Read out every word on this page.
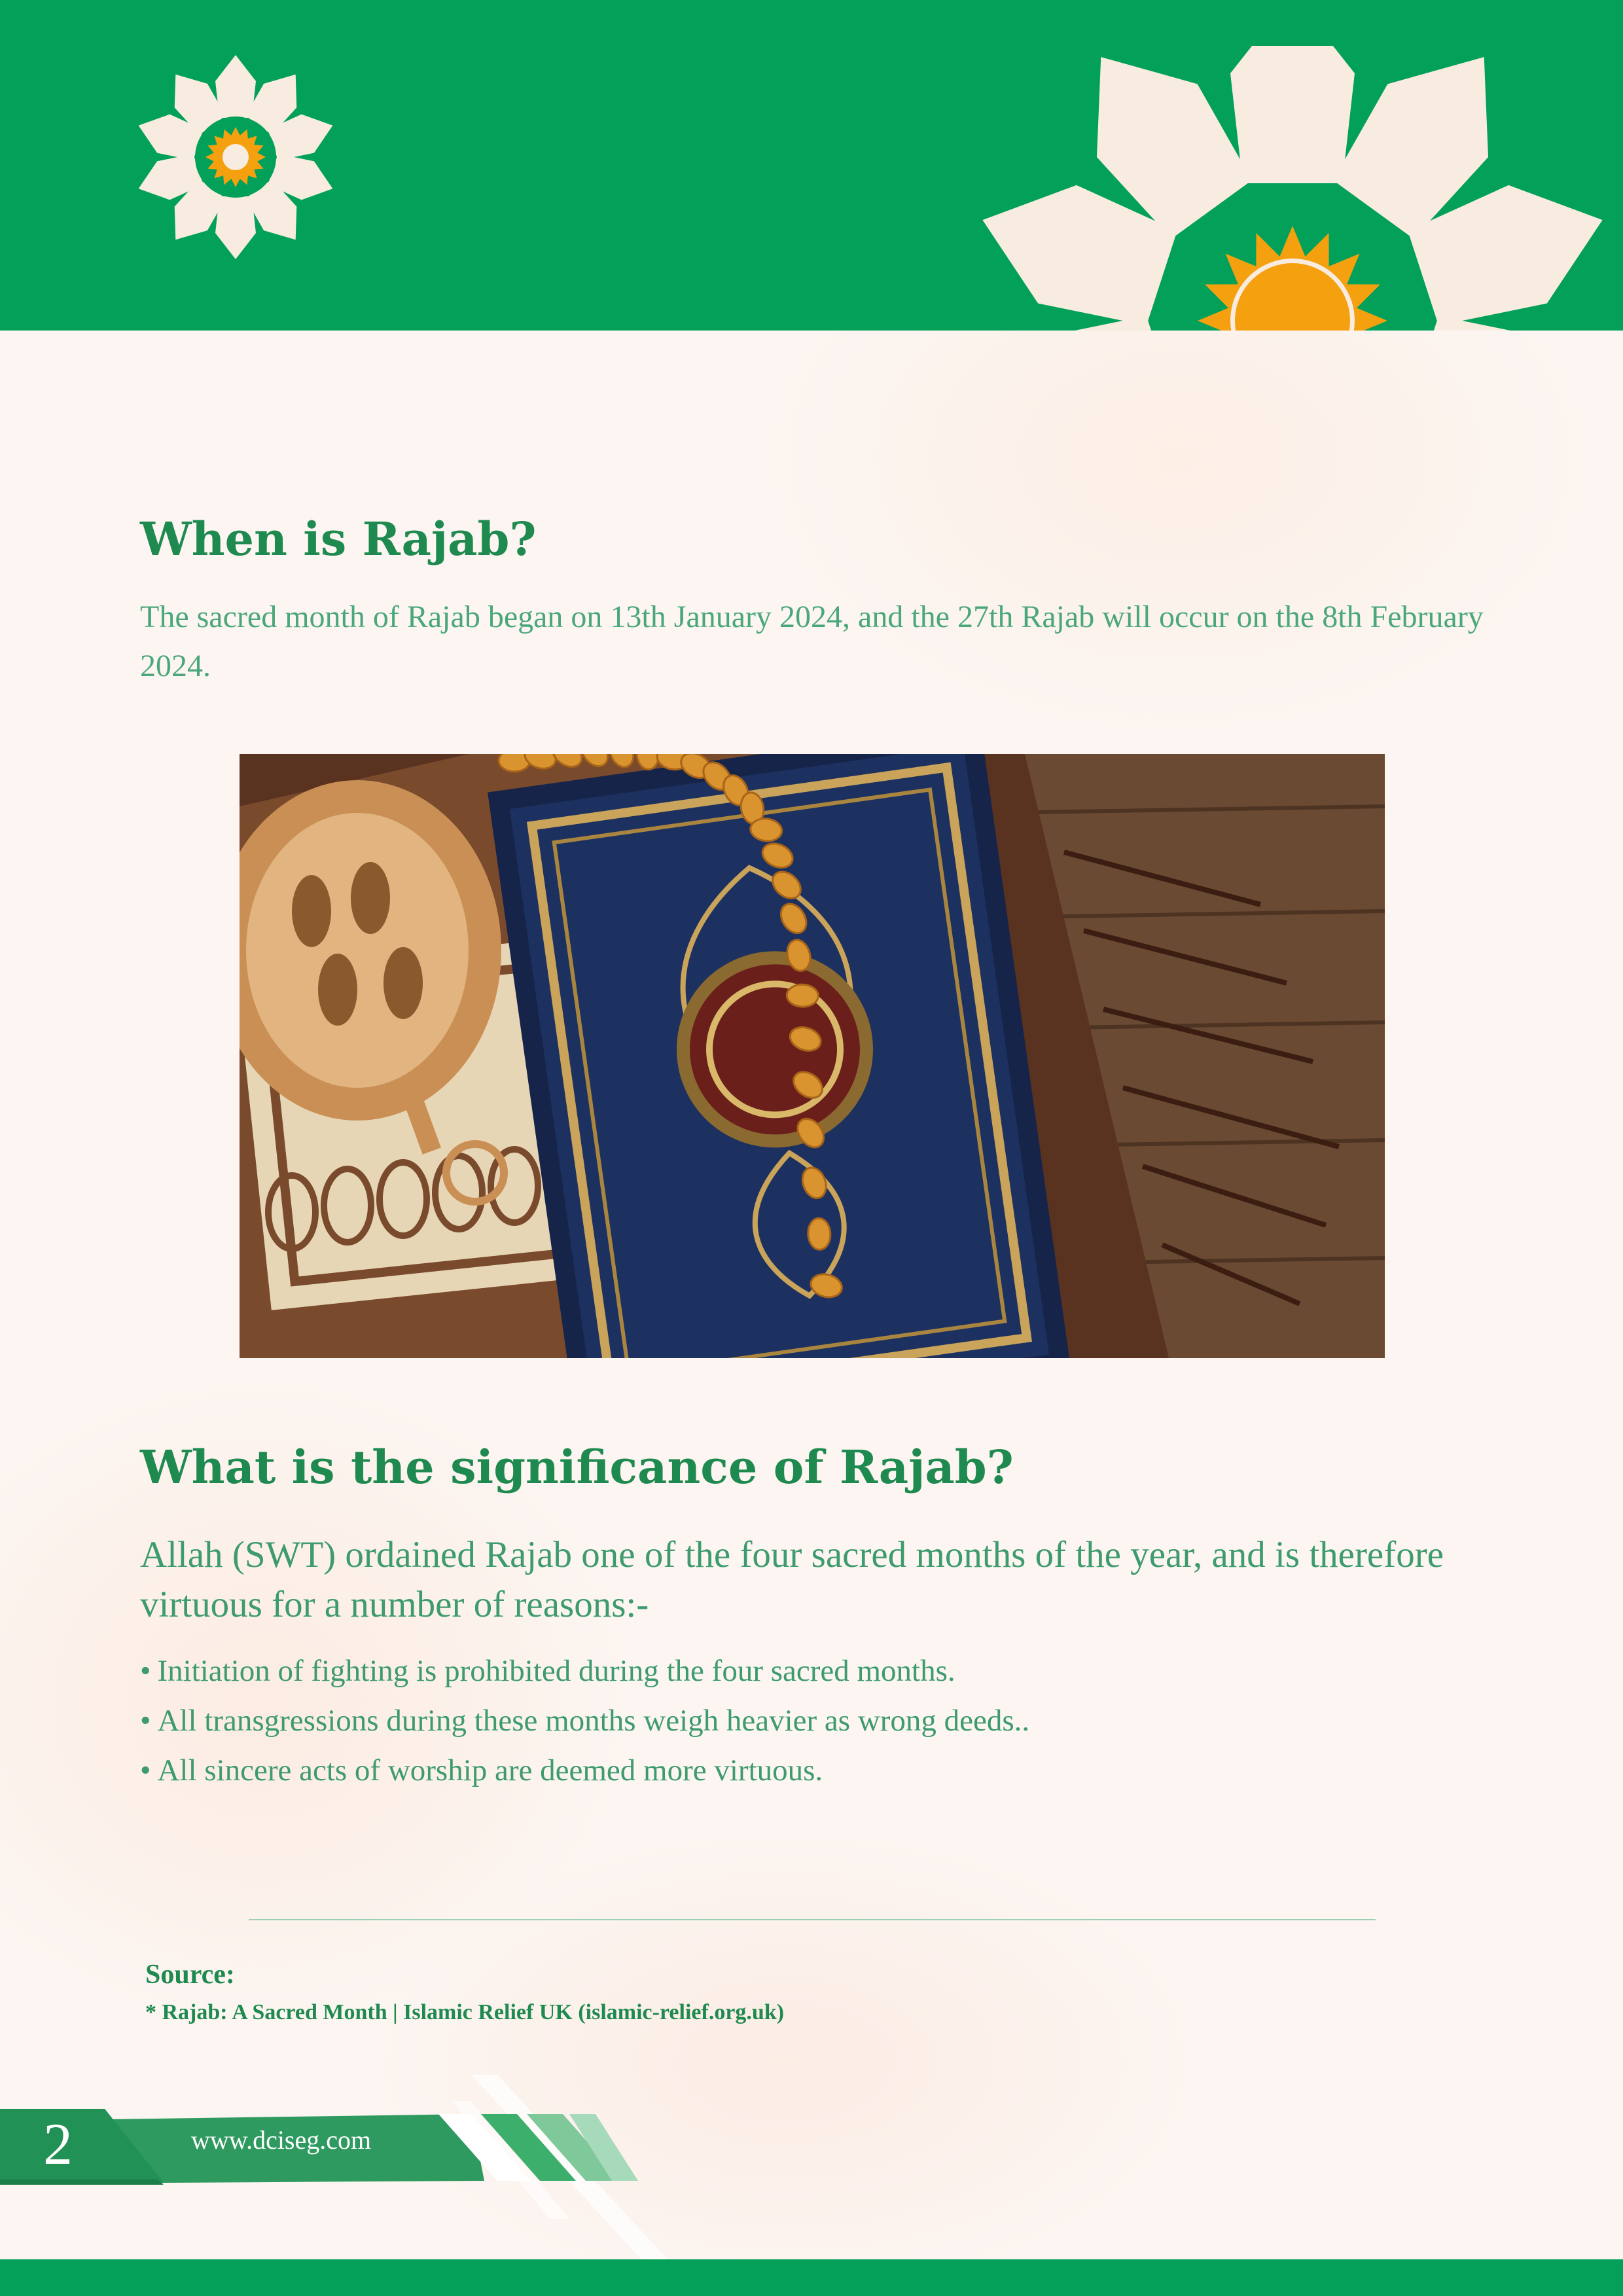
When is Rajab?

The sacred month of Rajab began on 13th January 2024, and the 27th Rajab will occur on the 8th February 2024.

What is the significance of Rajab?

Allah (SWT) ordained Rajab one of the four sacred months of the year, and is therefore virtuous for a number of reasons:-

• Initiation of fighting is prohibited during the four sacred months.
• All transgressions during these months weigh heavier as wrong deeds..
• All sincere acts of worship are deemed more virtuous.

Source:

* Rajab: A Sacred Month | Islamic Relief UK (islamic-relief.org.uk)

2	www.dciseg.com
